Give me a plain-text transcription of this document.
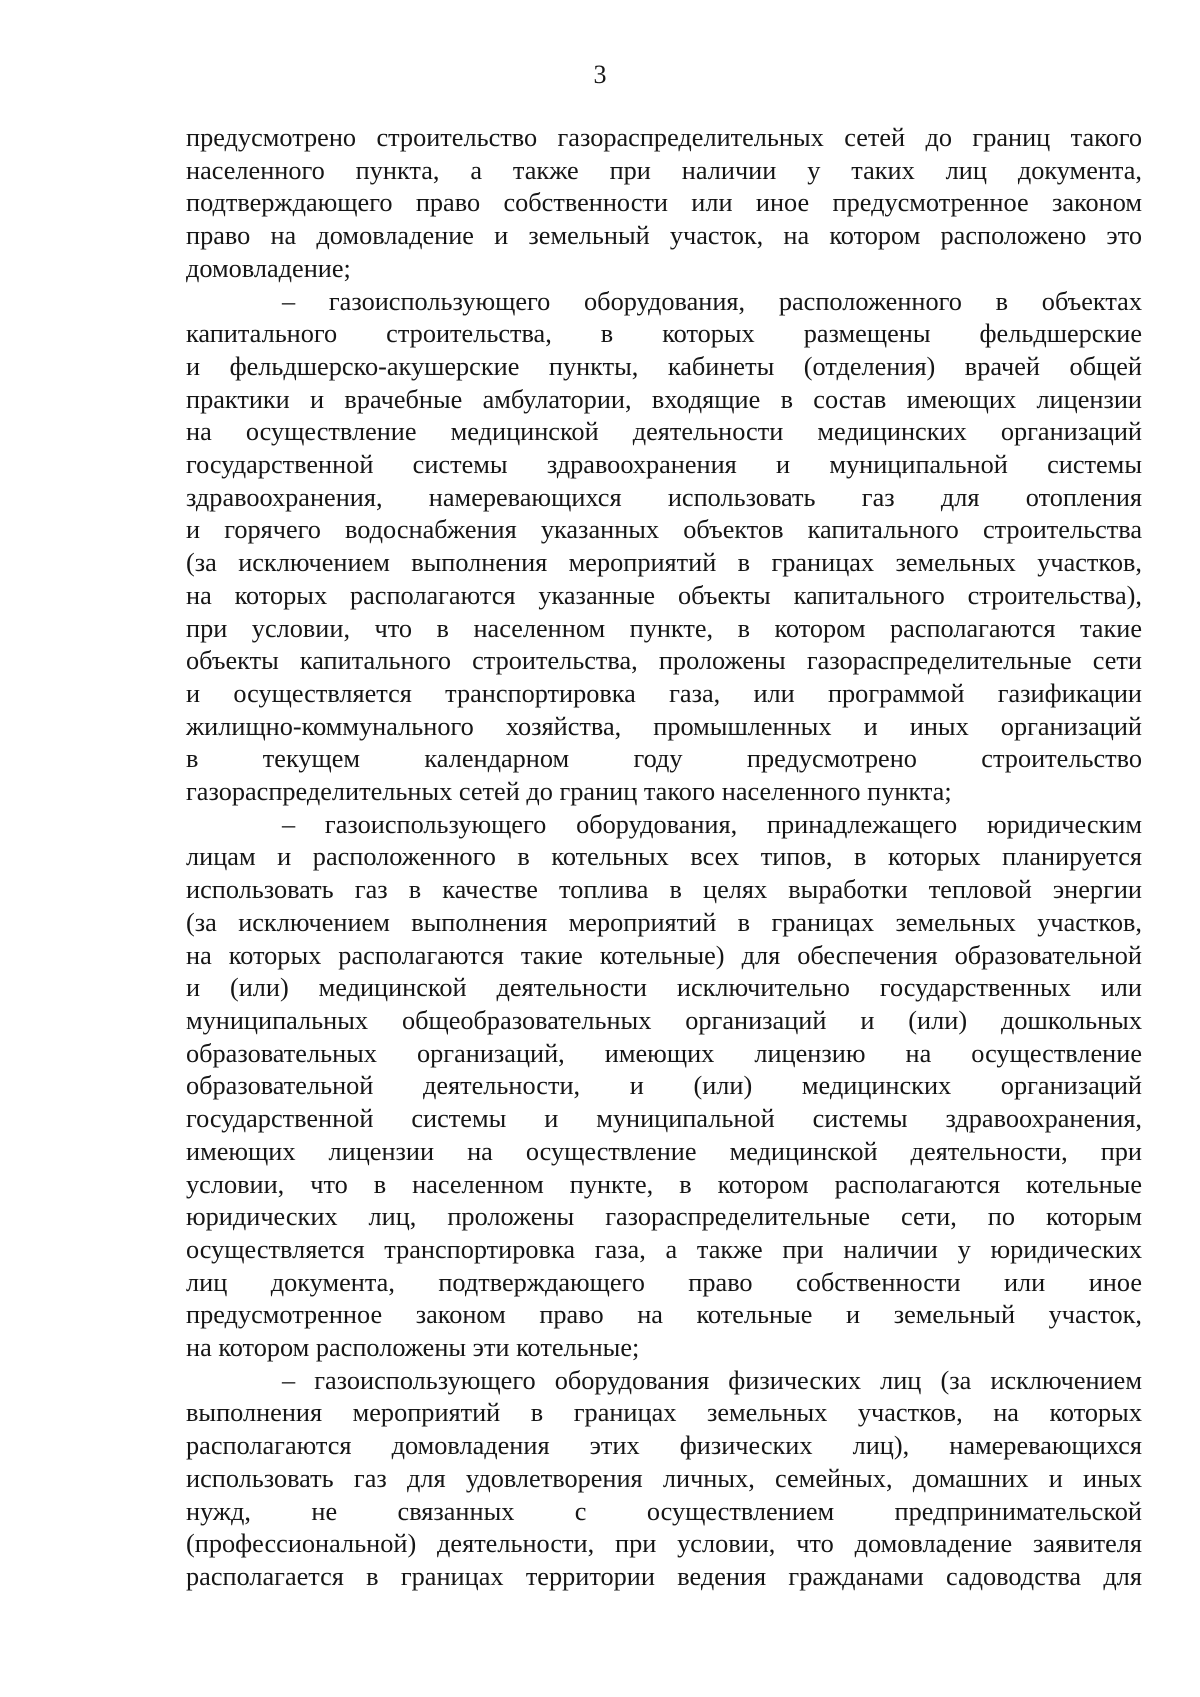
3

предусмотрено строительство газораспределительных сетей до границ такого
населенного пункта, а также при наличии у таких лиц документа,
подтверждающего право собственности или иное предусмотренное законом
право на домовладение и земельный участок, на котором расположено это
домовладение;

– газоиспользующего оборудования, расположенного в объектах
капитального строительства, в которых размещены фельдшерские
и фельдшерско-акушерские пункты, кабинеты (отделения) врачей общей
практики и врачебные амбулатории, входящие в состав имеющих лицензии
на осуществление медицинской деятельности медицинских организаций
государственной системы здравоохранения и муниципальной системы
здравоохранения, намеревающихся использовать газ для отопления
и горячего водоснабжения указанных объектов капитального строительства
(за исключением выполнения мероприятий в границах земельных участков,
на которых располагаются указанные объекты капитального строительства),
при условии, что в населенном пункте, в котором располагаются такие
объекты капитального строительства, проложены газораспределительные сети
и осуществляется транспортировка газа, или программой газификации
жилищно-коммунального хозяйства, промышленных и иных организаций
в текущем календарном году предусмотрено строительство
газораспределительных сетей до границ такого населенного пункта;

– газоиспользующего оборудования, принадлежащего юридическим
лицам и расположенного в котельных всех типов, в которых планируется
использовать газ в качестве топлива в целях выработки тепловой энергии
(за исключением выполнения мероприятий в границах земельных участков,
на которых располагаются такие котельные) для обеспечения образовательной
и (или) медицинской деятельности исключительно государственных или
муниципальных общеобразовательных организаций и (или) дошкольных
образовательных организаций, имеющих лицензию на осуществление
образовательной деятельности, и (или) медицинских организаций
государственной системы и муниципальной системы здравоохранения,
имеющих лицензии на осуществление медицинской деятельности, при
условии, что в населенном пункте, в котором располагаются котельные
юридических лиц, проложены газораспределительные сети, по которым
осуществляется транспортировка газа, а также при наличии у юридических
лиц документа, подтверждающего право собственности или иное
предусмотренное законом право на котельные и земельный участок,
на котором расположены эти котельные;

– газоиспользующего оборудования физических лиц (за исключением
выполнения мероприятий в границах земельных участков, на которых
располагаются домовладения этих физических лиц), намеревающихся
использовать газ для удовлетворения личных, семейных, домашних и иных
нужд, не связанных с осуществлением предпринимательской
(профессиональной) деятельности, при условии, что домовладение заявителя
располагается в границах территории ведения гражданами садоводства для
